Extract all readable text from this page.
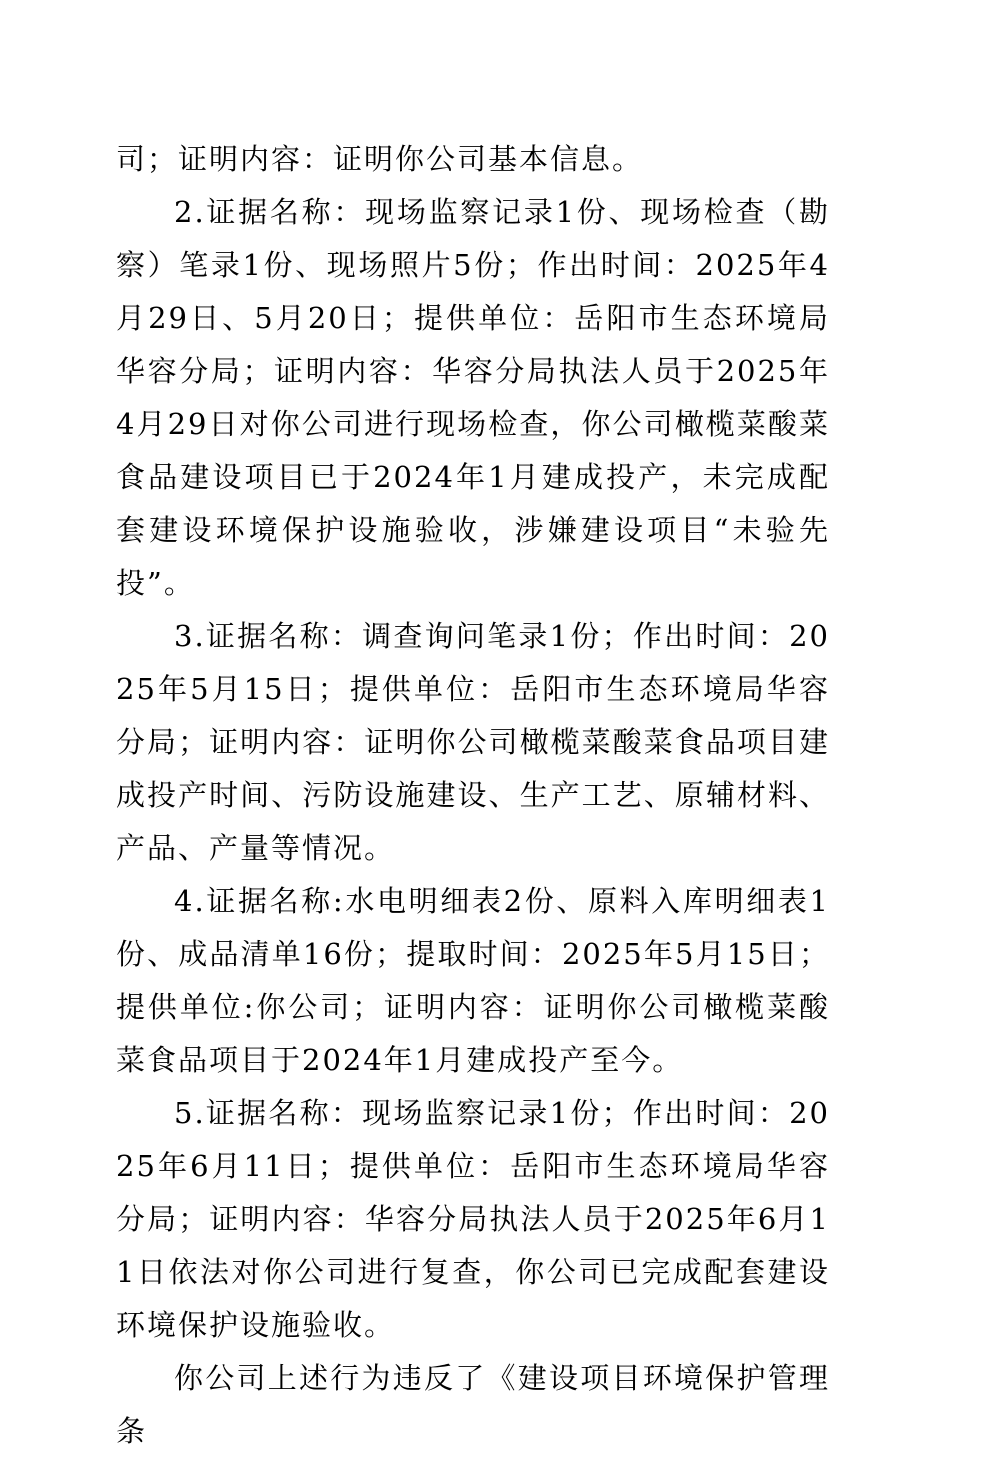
司；证明内容：证明你公司基本信息。

2.证据名称：现场监察记录1份、现场检查（勘察）笔录1份、现场照片5份；作出时间：2025年4月29日、5月20日；提供单位：岳阳市生态环境局华容分局；证明内容：华容分局执法人员于2025年4月29日对你公司进行现场检查，你公司橄榄菜酸菜食品建设项目已于2024年1月建成投产，未完成配套建设环境保护设施验收，涉嫌建设项目“未验先投”。

3.证据名称：调查询问笔录1份；作出时间：2025年5月15日；提供单位：岳阳市生态环境局华容分局；证明内容：证明你公司橄榄菜酸菜食品项目建成投产时间、污防设施建设、生产工艺、原辅材料、产品、产量等情况。

4.证据名称:水电明细表2份、原料入库明细表1份、成品清单16份；提取时间：2025年5月15日；提供单位:你公司；证明内容：证明你公司橄榄菜酸菜食品项目于2024年1月建成投产至今。

5.证据名称：现场监察记录1份；作出时间：2025年6月11日；提供单位：岳阳市生态环境局华容分局；证明内容：华容分局执法人员于2025年6月11日依法对你公司进行复查，你公司已完成配套建设环境保护设施验收。

你公司上述行为违反了《建设项目环境保护管理条
